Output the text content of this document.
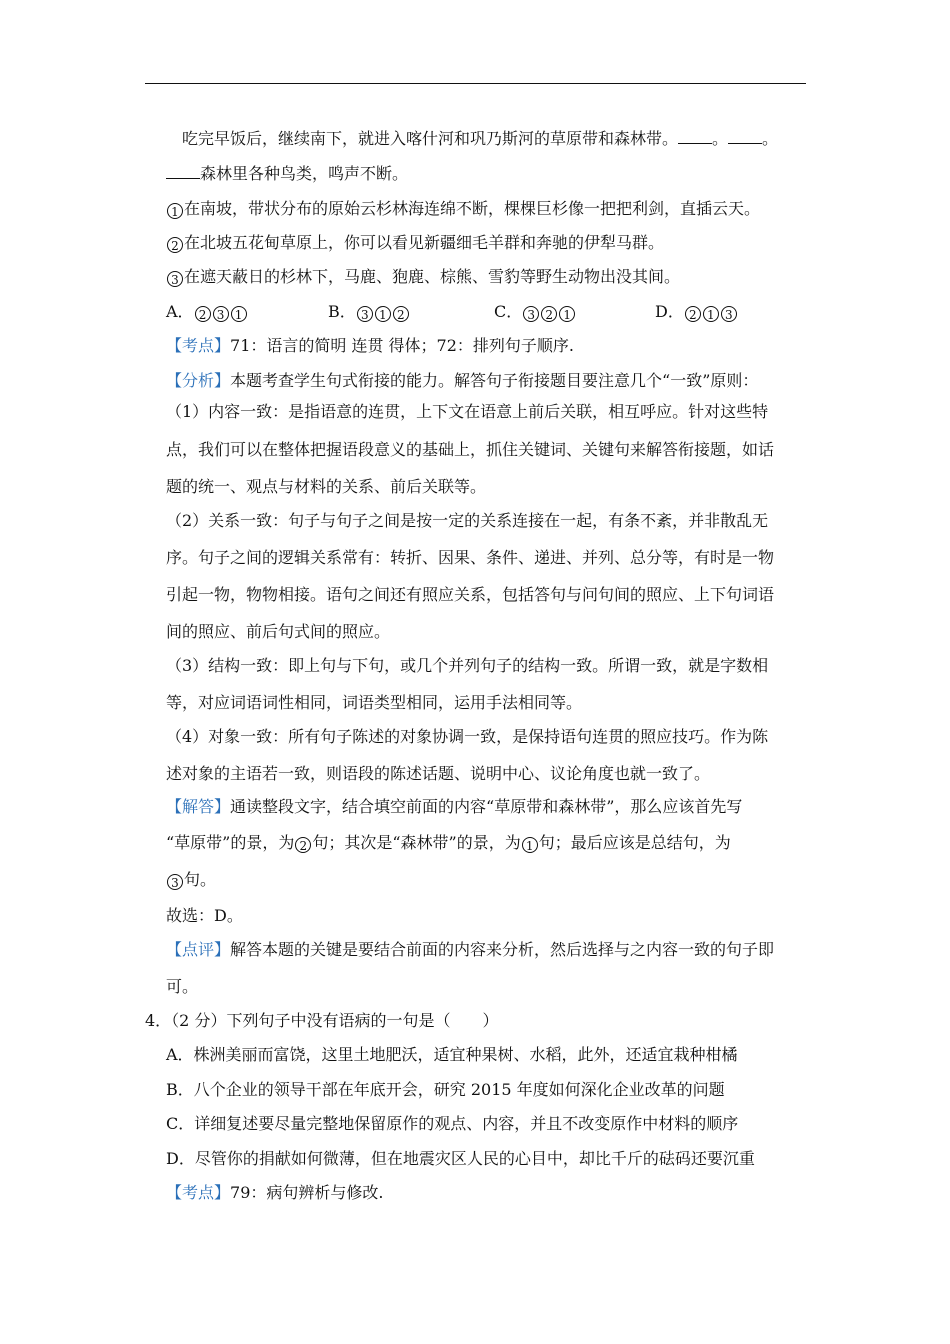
吃完早饭后，继续南下，就进入喀什河和巩乃斯河的草原带和森林带。 。 。
森林里各种鸟类，鸣声不断。
1 在南坡，带状分布的原始云杉林海连绵不断，棵棵巨杉像一把把利剑，直插云天。
2 在北坡五花甸草原上，你可以看见新疆细毛羊群和奔驰的伊犁马群。
3 在遮天蔽日的杉林下，马鹿、狍鹿、棕熊、雪豹等野生动物出没其间。
A． 2 3 1	B． 3 1 2	C． 3 2 1	D． 2 1 3
【考点】71：语言的简明 连贯 得体；72：排列句子顺序.
【分析】本题考查学生句式衔接的能力。解答句子衔接题目要注意几个“一致”原则：
（1）内容一致：是指语意的连贯，上下文在语意上前后关联，相互呼应。针对这些特
点，我们可以在整体把握语段意义的基础上，抓住关键词、关键句来解答衔接题，如话
题的统一、观点与材料的关系、前后关联等。
（2）关系一致：句子与句子之间是按一定的关系连接在一起，有条不紊，并非散乱无
序。句子之间的逻辑关系常有：转折、因果、条件、递进、并列、总分等，有时是一物
引起一物，物物相接。语句之间还有照应关系，包括答句与问句间的照应、上下句词语
间的照应、前后句式间的照应。
（3）结构一致：即上句与下句，或几个并列句子的结构一致。所谓一致，就是字数相
等，对应词语词性相同，词语类型相同，运用手法相同等。
（4）对象一致：所有句子陈述的对象协调一致，是保持语句连贯的照应技巧。作为陈
述对象的主语若一致，则语段的陈述话题、说明中心、议论角度也就一致了。
【解答】通读整段文字，结合填空前面的内容“草原带和森林带”，那么应该首先写
“草原带”的景，为 2 句；其次是“森林带”的景，为 1 句；最后应该是总结句，为
3 句。
故选：D。
【点评】解答本题的关键是要结合前面的内容来分析，然后选择与之内容一致的句子即
可。
4．（2 分）下列句子中没有语病的一句是（　　）
A．株洲美丽而富饶，这里土地肥沃，适宜种果树、水稻，此外，还适宜栽种柑橘
B．八个企业的领导干部在年底开会，研究 2015 年度如何深化企业改革的问题
C．详细复述要尽量完整地保留原作的观点、内容，并且不改变原作中材料的顺序
D．尽管你的捐献如何微薄，但在地震灾区人民的心目中，却比千斤的砝码还要沉重
【考点】79：病句辨析与修改.
